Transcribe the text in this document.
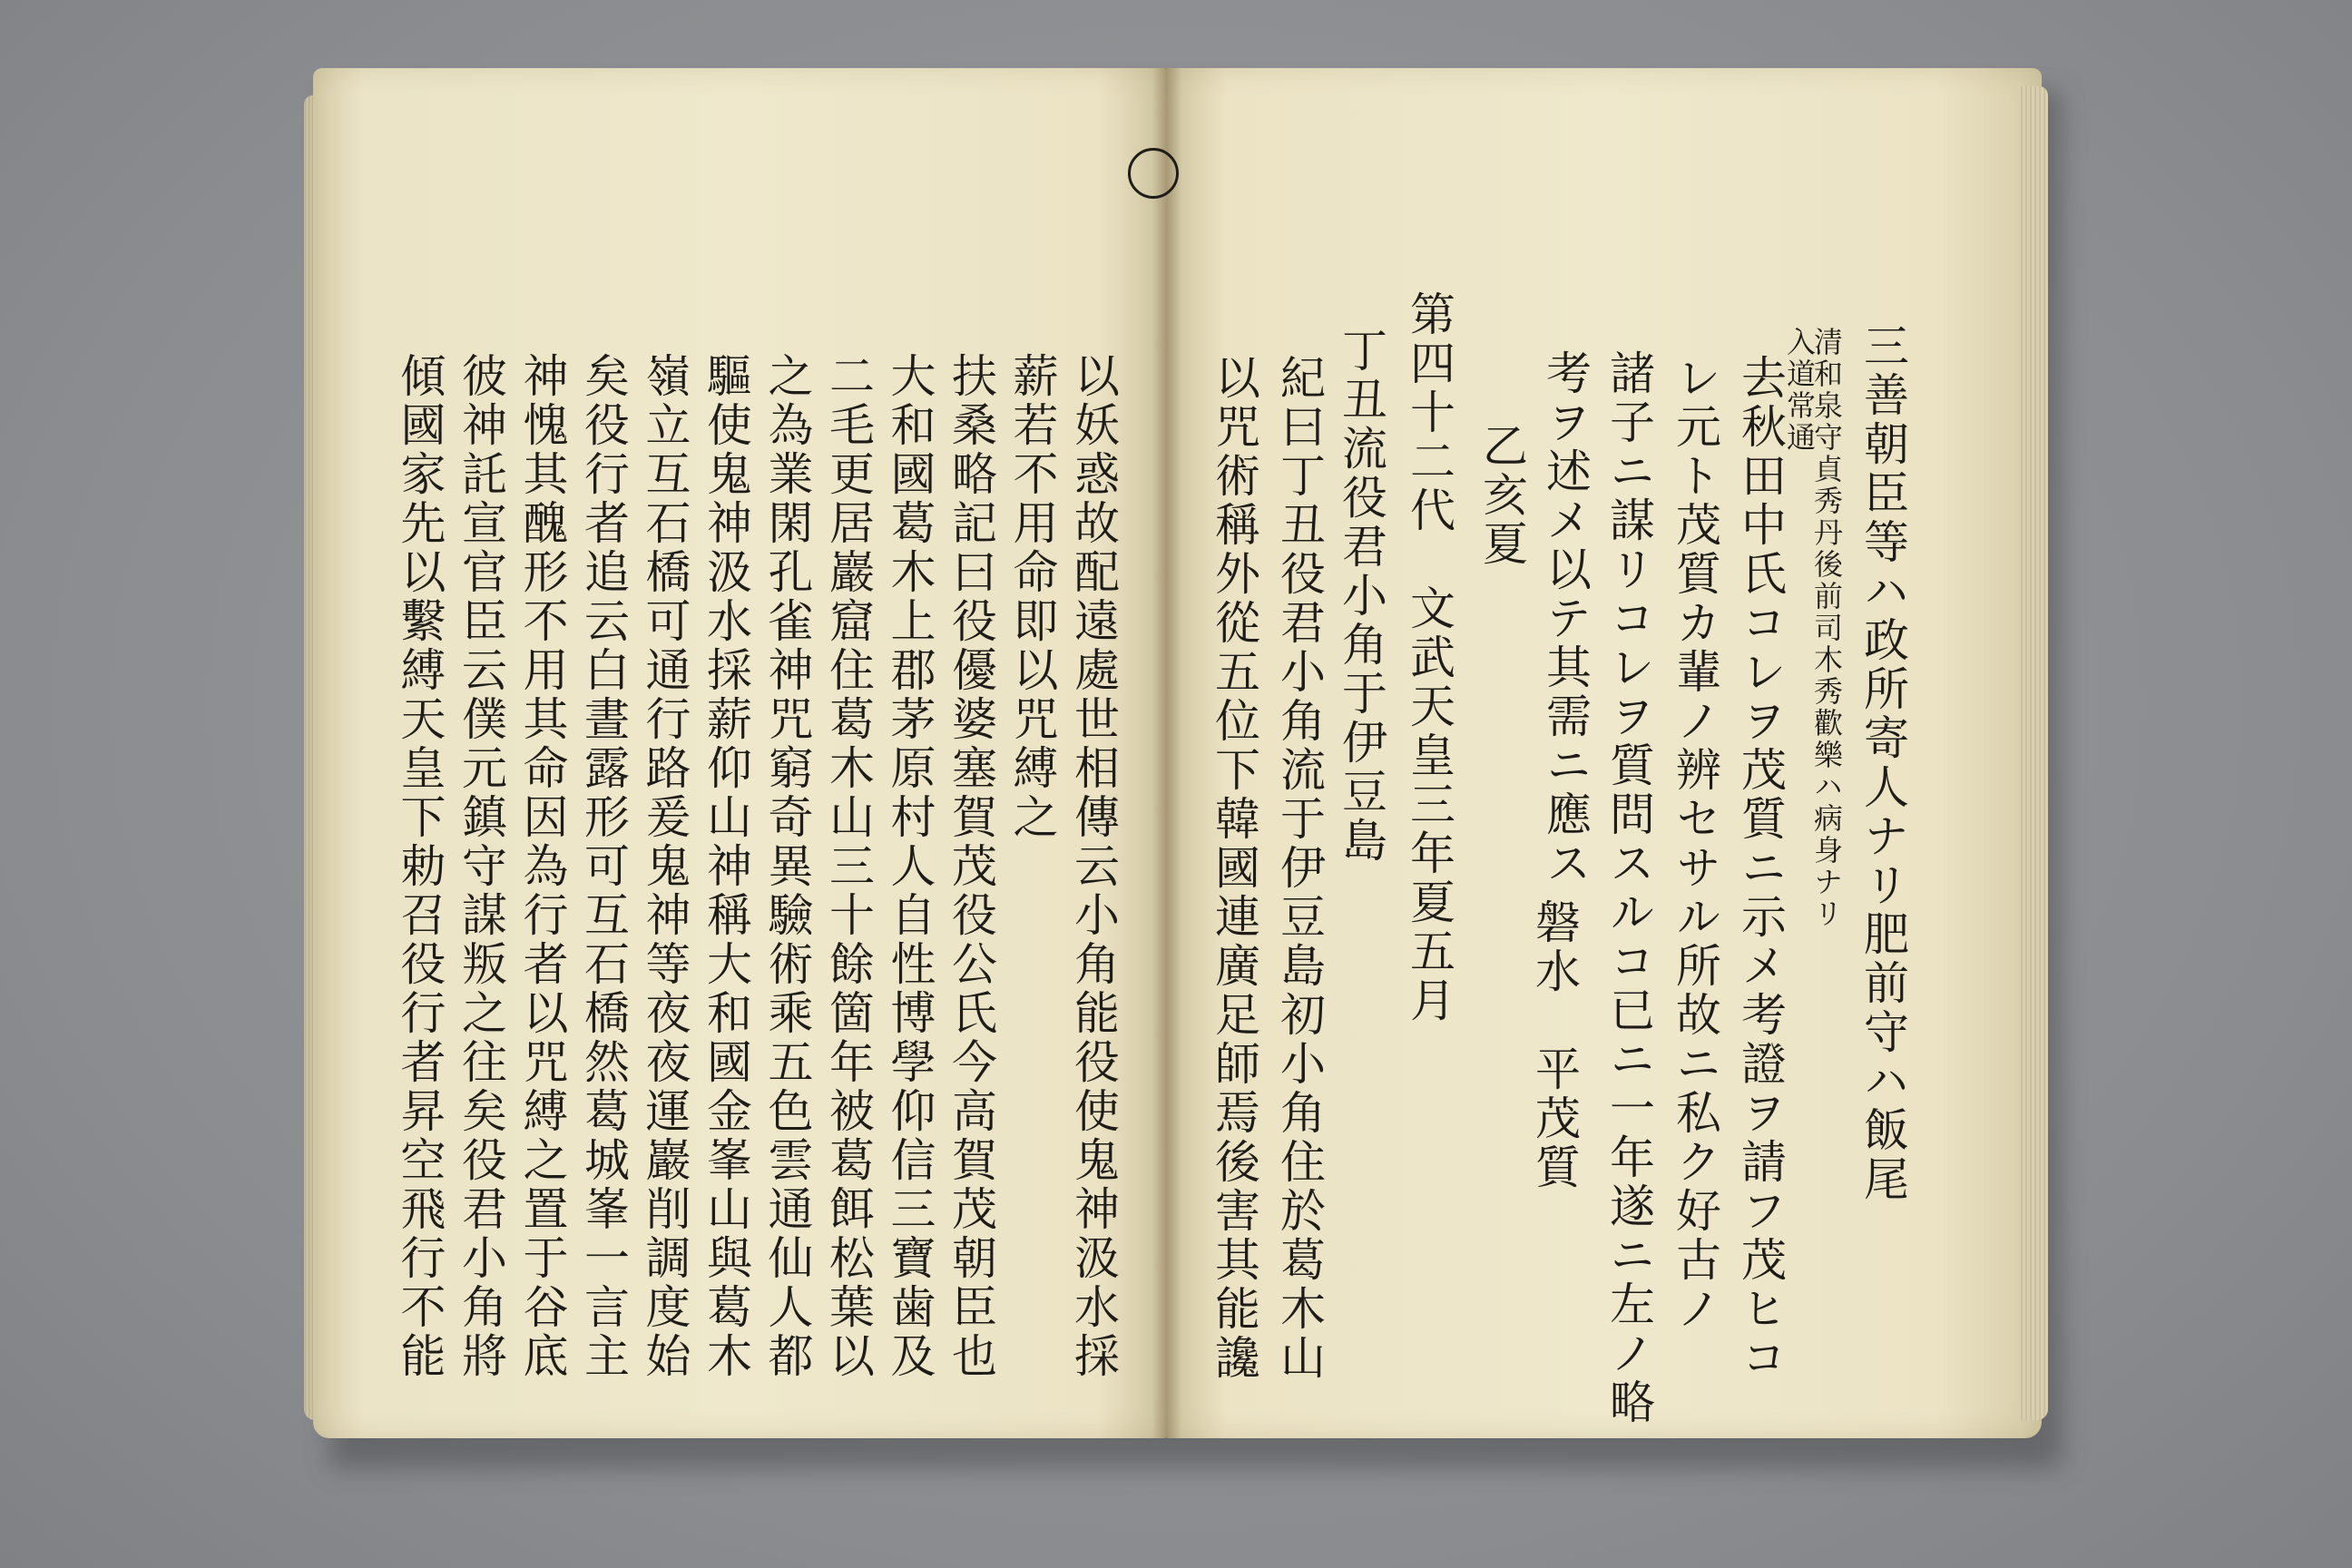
三善朝臣等ハ政所寄人ナリ肥前守ハ飯尾
清和泉守貞秀丹後前司木秀歡樂ハ病身ナリ
入道常通
去秋田中氏コレヲ茂質ニ示メ考證ヲ請フ茂ヒコ
レ元ト茂質カ輩ノ辨セサル所故ニ私ク好古ノ
諸子ニ謀リコレヲ質問スルコ已ニ一年遂ニ左ノ略
考ヲ述メ以テ其需ニ應ス
乙亥夏
磐水　平茂質
第四十二代　文武天皇三年夏五月
丁丑流役君小角于伊豆島
紀曰丁丑役君小角流于伊豆島初小角住於葛木山
以咒術稱外從五位下韓國連廣足師焉後害其能讒
以妖惑故配遠處世相傳云小角能役使鬼神汲水採
薪若不用命即以咒縛之
扶桑略記曰役優婆塞賀茂役公氏今高賀茂朝臣也
大和國葛木上郡茅原村人自性博學仰信三寶歯及
二毛更居巖窟住葛木山三十餘箇年被葛餌松葉以
之為業閑孔雀神咒窮奇異驗術乘五色雲通仙人都
驅使鬼神汲水採薪仰山神稱大和國金峯山與葛木
嶺立互石橋可通行路爰鬼神等夜夜運巖削調度始
矣役行者追云白晝露形可互石橋然葛城峯一言主
神愧其醜形不用其命因為行者以咒縛之置于谷底
彼神託宣官臣云僕元鎮守謀叛之往矣役君小角將
傾國家先以繫縛天皇下勅召役行者昇空飛行不能
